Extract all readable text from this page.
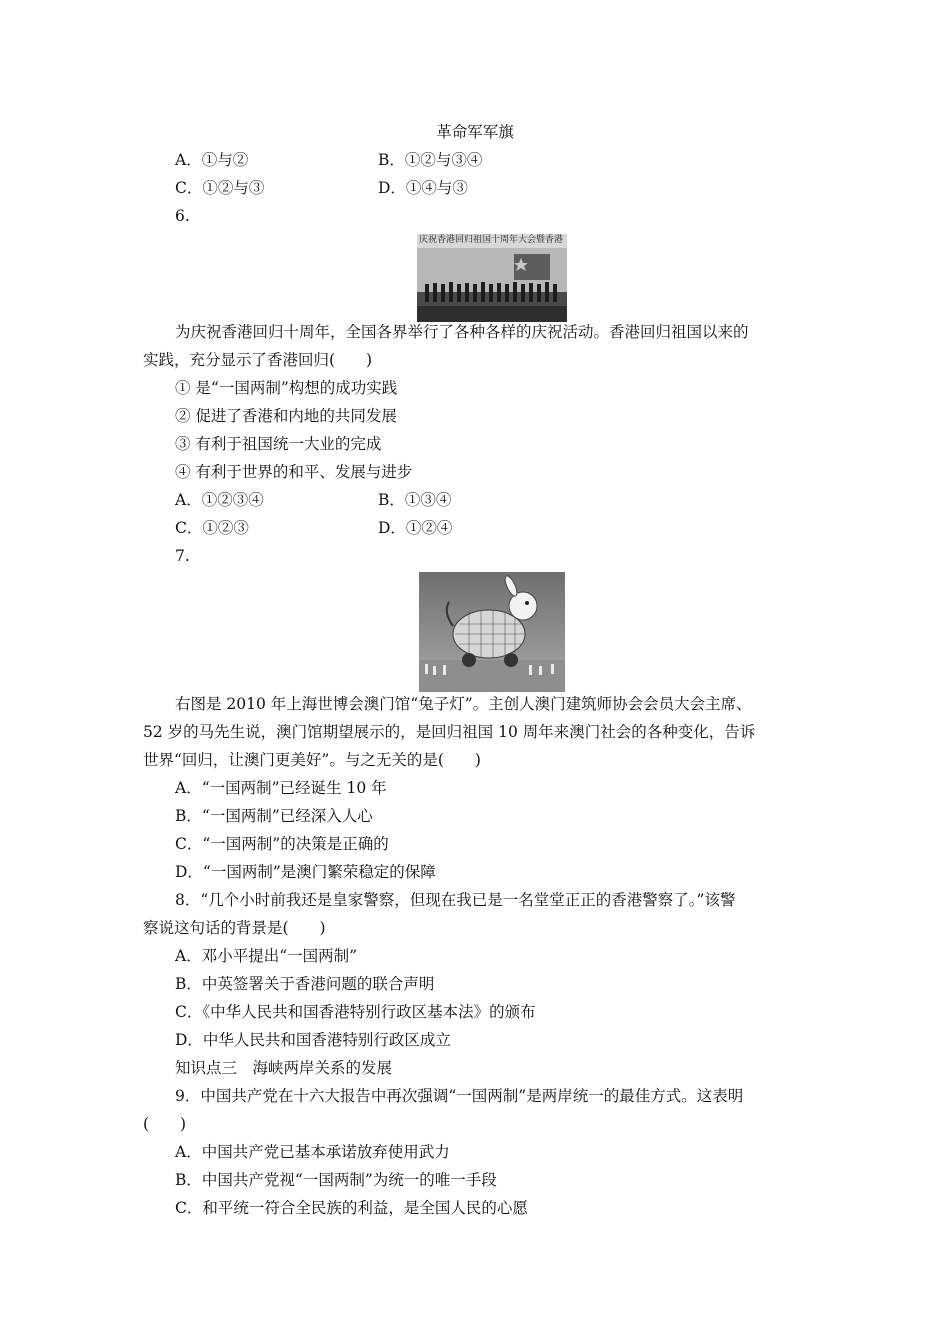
革命军军旗
A．①与②	B．①②与③④
C．①②与③	D．①④与③
6.
庆祝香港回归祖国十周年大会暨香港
为庆祝香港回归十周年，全国各界举行了各种各样的庆祝活动。香港回归祖国以来的
实践，充分显示了香港回归(　　)
① 是“一国两制”构想的成功实践
② 促进了香港和内地的共同发展
③ 有利于祖国统一大业的完成
④ 有利于世界的和平、发展与进步
A．①②③④	B．①③④
C．①②③	D．①②④
7.
右图是 2010 年上海世博会澳门馆“兔子灯”。主创人澳门建筑师协会会员大会主席、
52 岁的马先生说，澳门馆期望展示的，是回归祖国 10 周年来澳门社会的各种变化，告诉
世界“回归，让澳门更美好”。与之无关的是(　　)
A．“一国两制”已经诞生 10 年
B．“一国两制”已经深入人心
C．“一国两制”的决策是正确的
D．“一国两制”是澳门繁荣稳定的保障
8．“几个小时前我还是皇家警察，但现在我已是一名堂堂正正的香港警察了。”该警
察说这句话的背景是(　　)
A．邓小平提出“一国两制”
B．中英签署关于香港问题的联合声明
C．《中华人民共和国香港特别行政区基本法》的颁布
D．中华人民共和国香港特别行政区成立
知识点三　海峡两岸关系的发展
9．中国共产党在十六大报告中再次强调“一国两制”是两岸统一的最佳方式。这表明
(　　)
A．中国共产党已基本承诺放弃使用武力
B．中国共产党视“一国两制”为统一的唯一手段
C．和平统一符合全民族的利益，是全国人民的心愿
